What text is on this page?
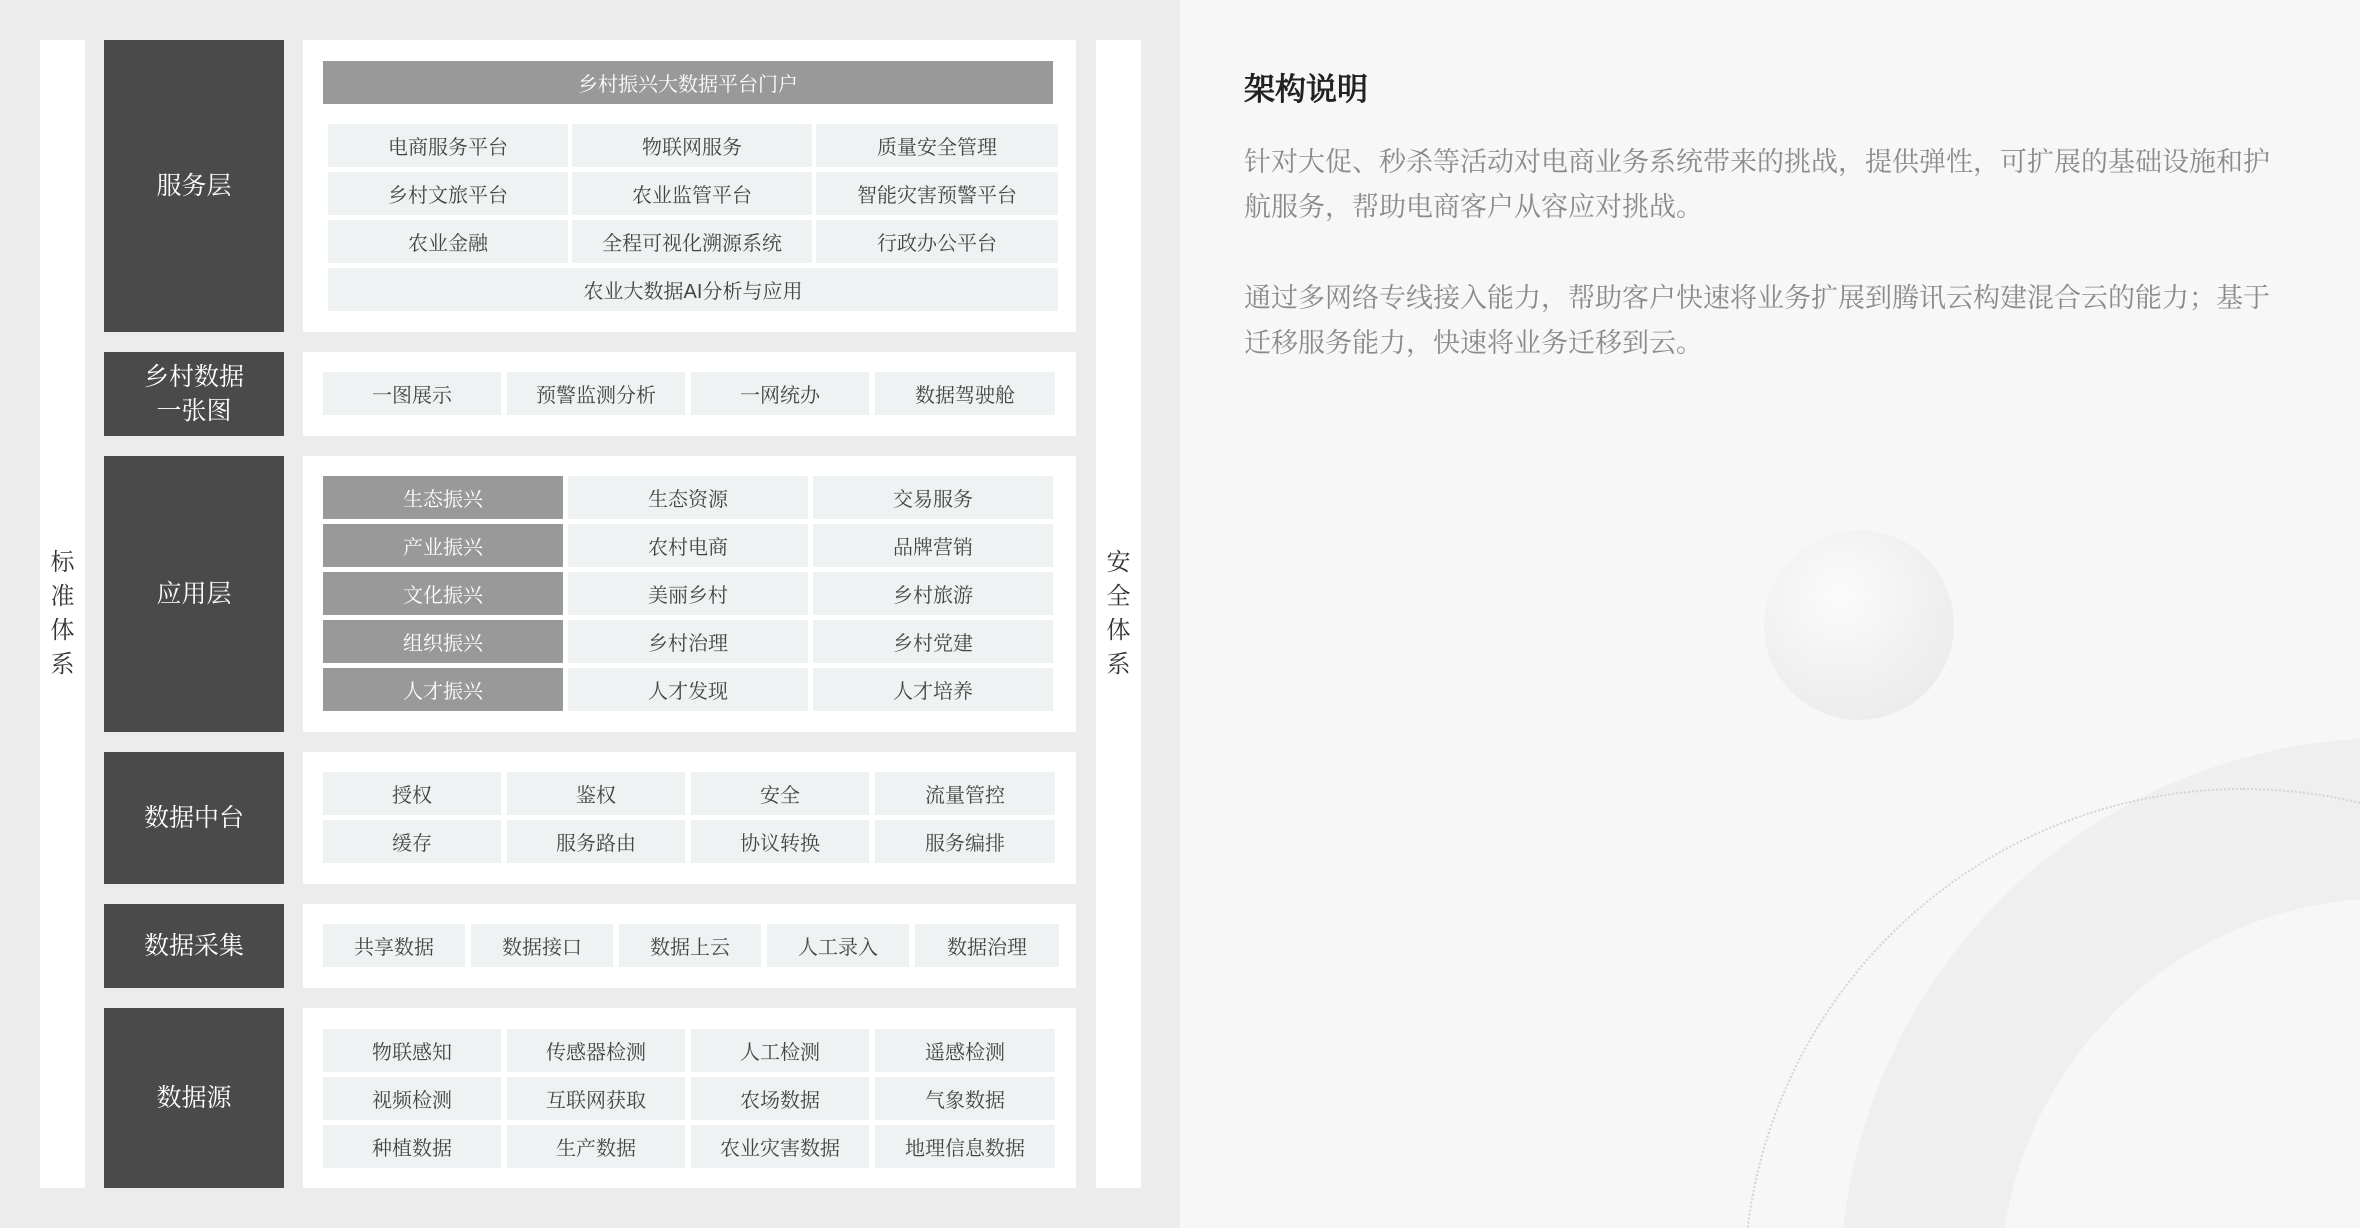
标
准
体
系
安
全
体
系
服务层
乡村振兴大数据平台门户
电商服务平台	物联网服务	质量安全管理
乡村文旅平台	农业监管平台	智能灾害预警平台
农业金融	全程可视化溯源系统	行政办公平台
农业大数据AI分析与应用
乡村数据
一张图
一图展示	预警监测分析	一网统办	数据驾驶舱
应用层
生态振兴	生态资源	交易服务
产业振兴	农村电商	品牌营销
文化振兴	美丽乡村	乡村旅游
组织振兴	乡村治理	乡村党建
人才振兴	人才发现	人才培养
数据中台
授权	鉴权	安全	流量管控
缓存	服务路由	协议转换	服务编排
数据采集	共享数据	数据接口	数据上云	人工录入	数据治理
数据源
物联感知	传感器检测	人工检测	遥感检测
视频检测	互联网获取	农场数据	气象数据
种植数据	生产数据	农业灾害数据	地理信息数据
架构说明
针对大促、秒杀等活动对电商业务系统带来的挑战，提供弹性，可扩展的基础设施和护航服务，帮助电商客户从容应对挑战。
通过多网络专线接入能力，帮助客户快速将业务扩展到腾讯云构建混合云的能力；基于迁移服务能力，快速将业务迁移到云。
